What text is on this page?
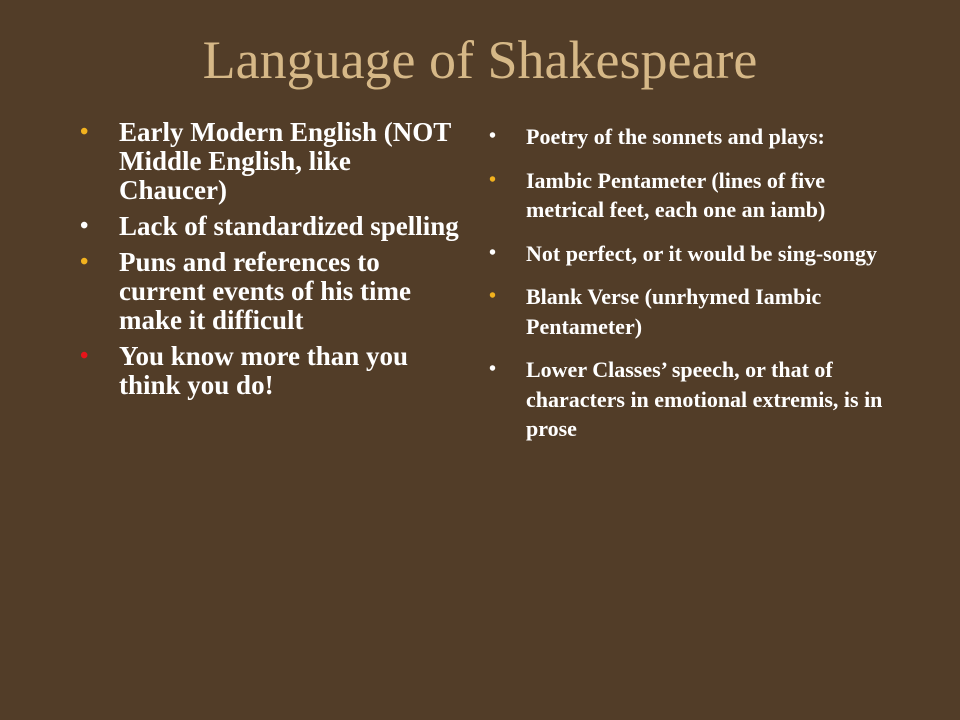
Language of Shakespeare
• Early Modern English (NOT Middle English, like Chaucer)
• Lack of standardized spelling
• Puns and references to current events of his time make it difficult
• You know more than you think you do!
• Poetry of the sonnets and plays:
• Iambic Pentameter (lines of five metrical feet, each one an iamb)
• Not perfect, or it would be sing-songy
• Blank Verse (unrhymed Iambic Pentameter)
• Lower Classes’ speech, or that of characters in emotional extremis, is in prose
